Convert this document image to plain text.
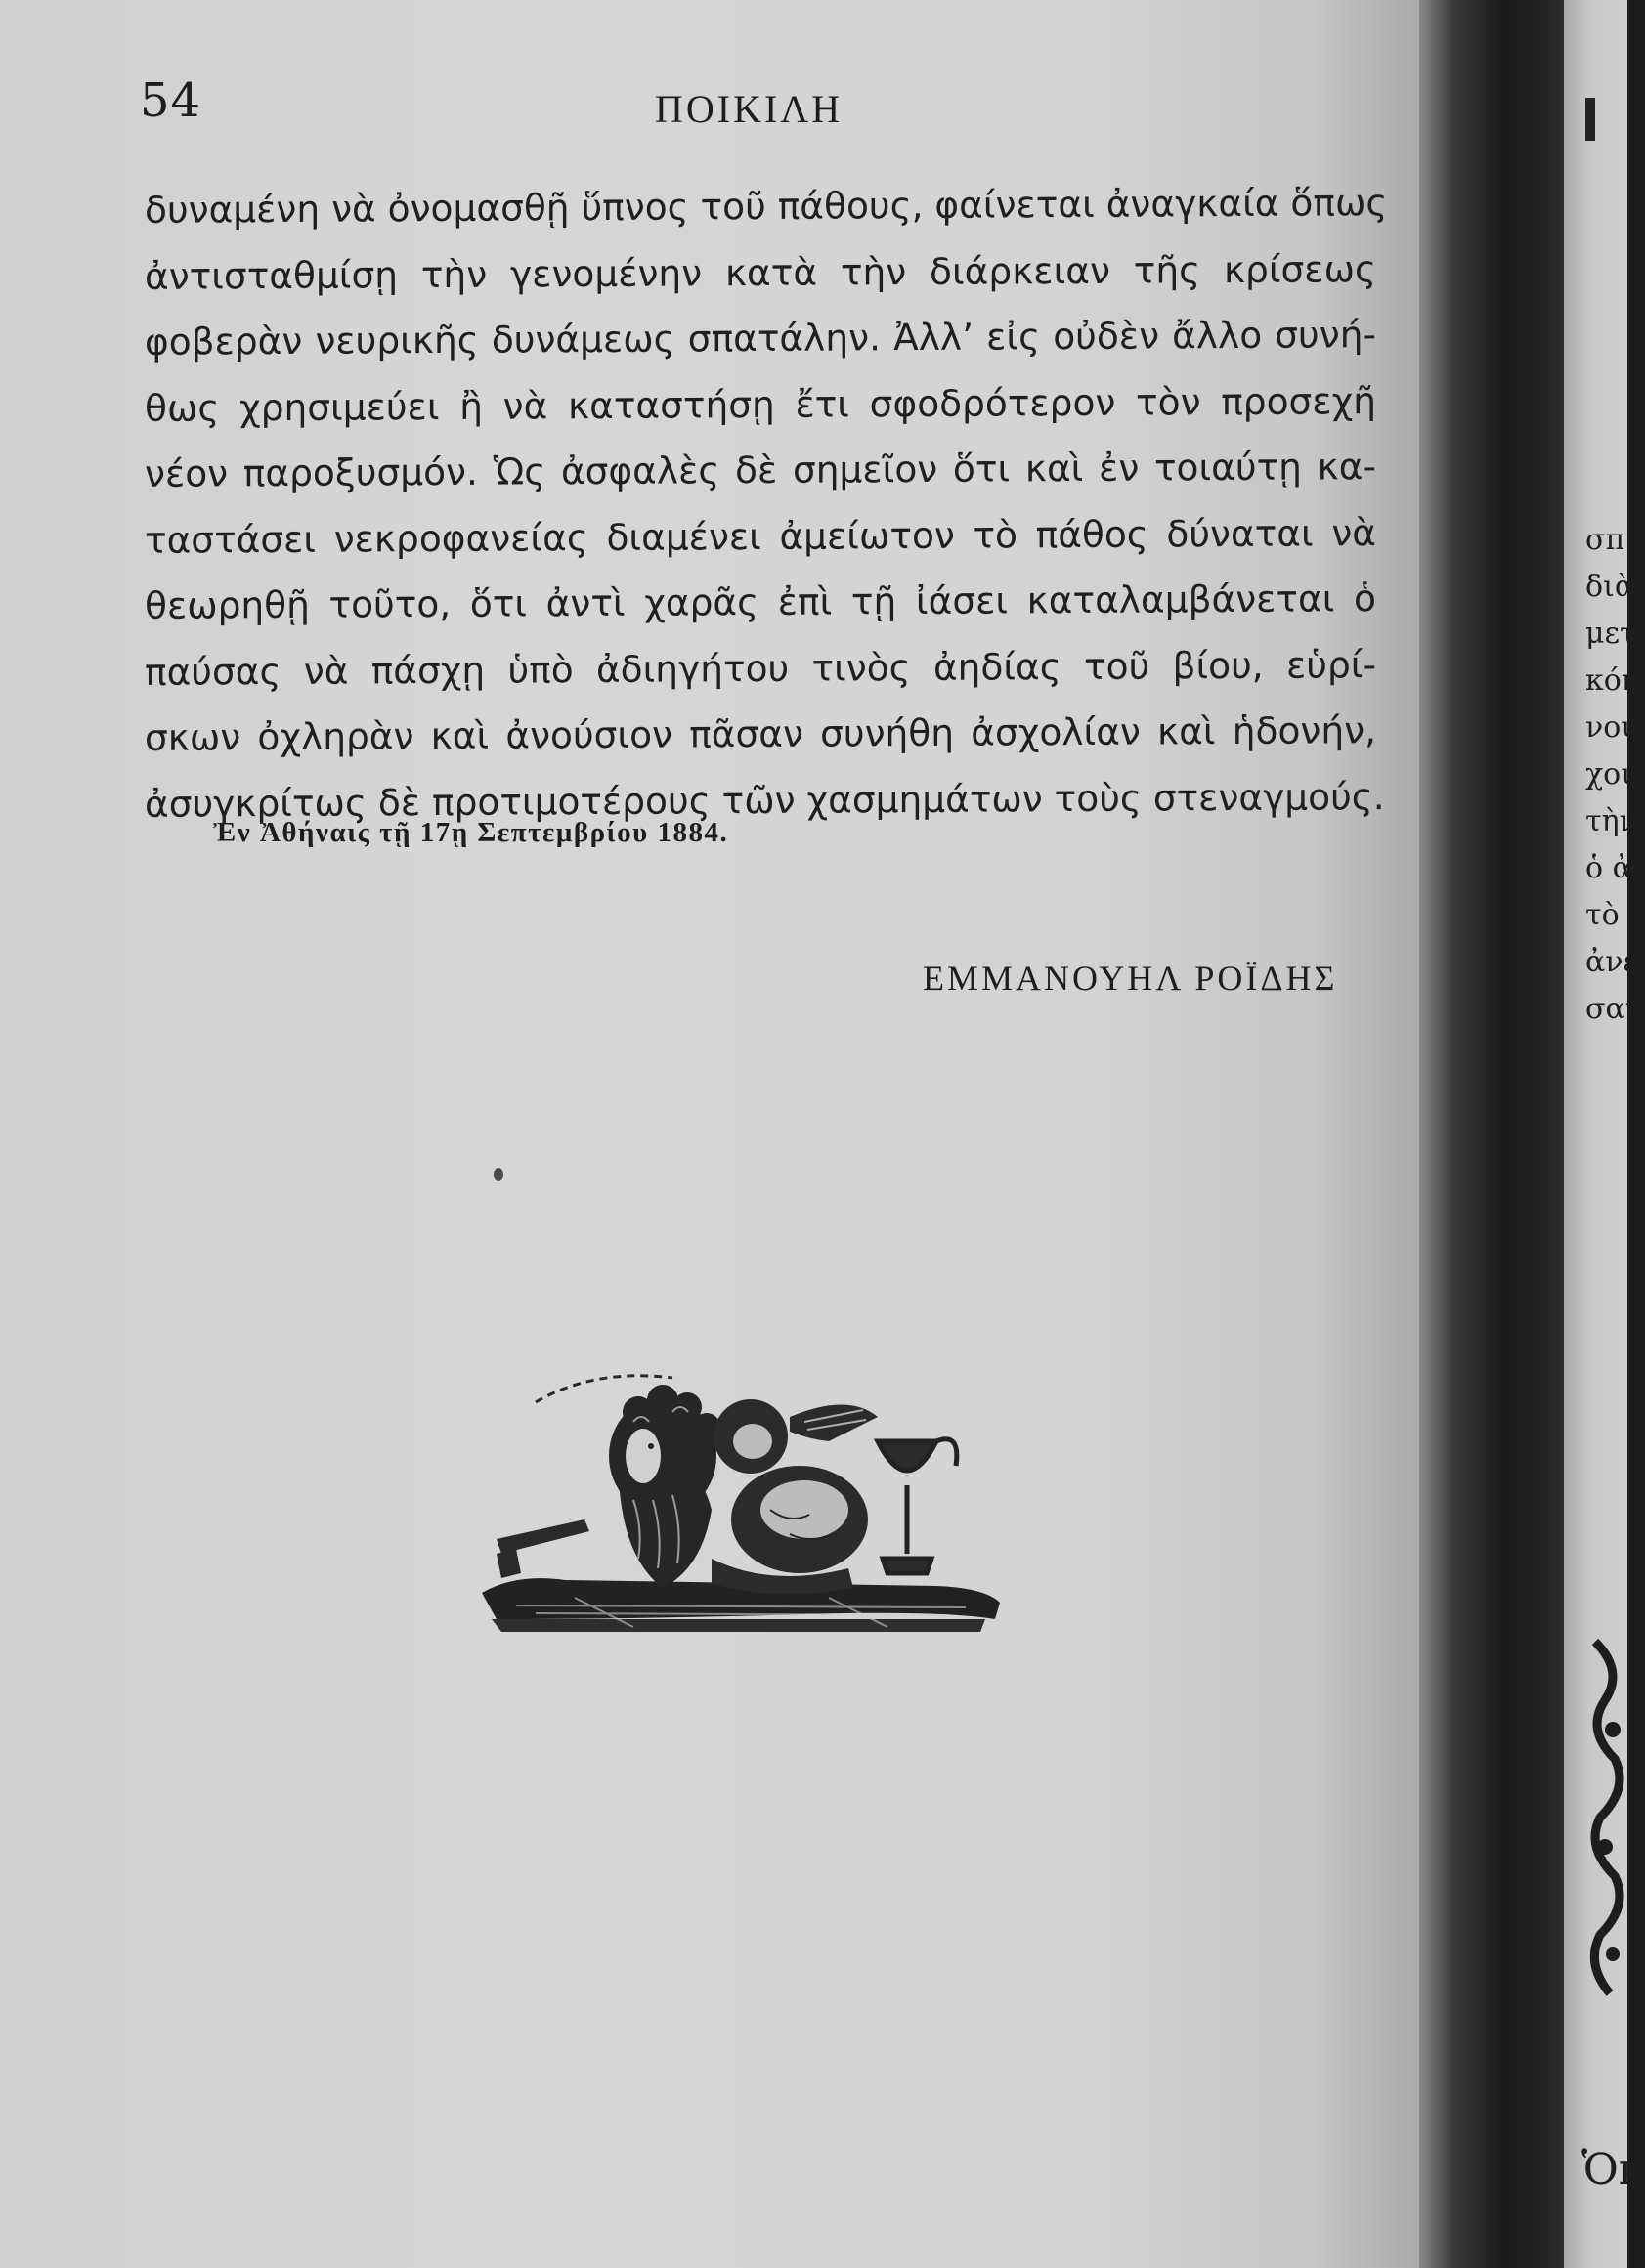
54	ΠΟΙΚΙΛΗ
δυναμένη νὰ ὀνομασθῇ ὕπνος τοῦ πάθους, φαίνεται ἀναγκαία ὅπως
ἀντισταθμίσῃ τὴν γενομένην κατὰ τὴν διάρκειαν τῆς κρίσεως
φοβερὰν νευρικῆς δυνάμεως σπατάλην. Ἀλλ’ εἰς οὐδὲν ἄλλο συνή-
θως χρησιμεύει ἢ νὰ καταστήσῃ ἔτι σφοδρότερον τὸν προσεχῆ
νέον παροξυσμόν. Ὡς ἀσφαλὲς δὲ σημεῖον ὅτι καὶ ἐν τοιαύτῃ κα-
ταστάσει νεκροφανείας διαμένει ἀμείωτον τὸ πάθος δύναται νὰ
θεωρηθῇ τοῦτο, ὅτι ἀντὶ χαρᾶς ἐπὶ τῇ ἰάσει καταλαμβάνεται ὁ
παύσας νὰ πάσχῃ ὑπὸ ἀδιηγήτου τινὸς ἀηδίας τοῦ βίου, εὑρί-
σκων ὀχληρὰν καὶ ἀνούσιον πᾶσαν συνήθη ἀσχολίαν καὶ ἡδονήν,
ἀσυγκρίτως δὲ προτιμοτέρους τῶν χασμημάτων τοὺς στεναγμούς.
Ἐν Ἀθήναις τῇ 17ῃ Σεπτεμβρίου 1884.
ΕΜΜΑΝΟΥΗΛ ΡΟΪΔΗΣ
σπ
διὰ
μετ
κόν
νου
χοι
τὴν
ὁ ἀ
τὸ
ἀνέ
σαν
Ὁκ
